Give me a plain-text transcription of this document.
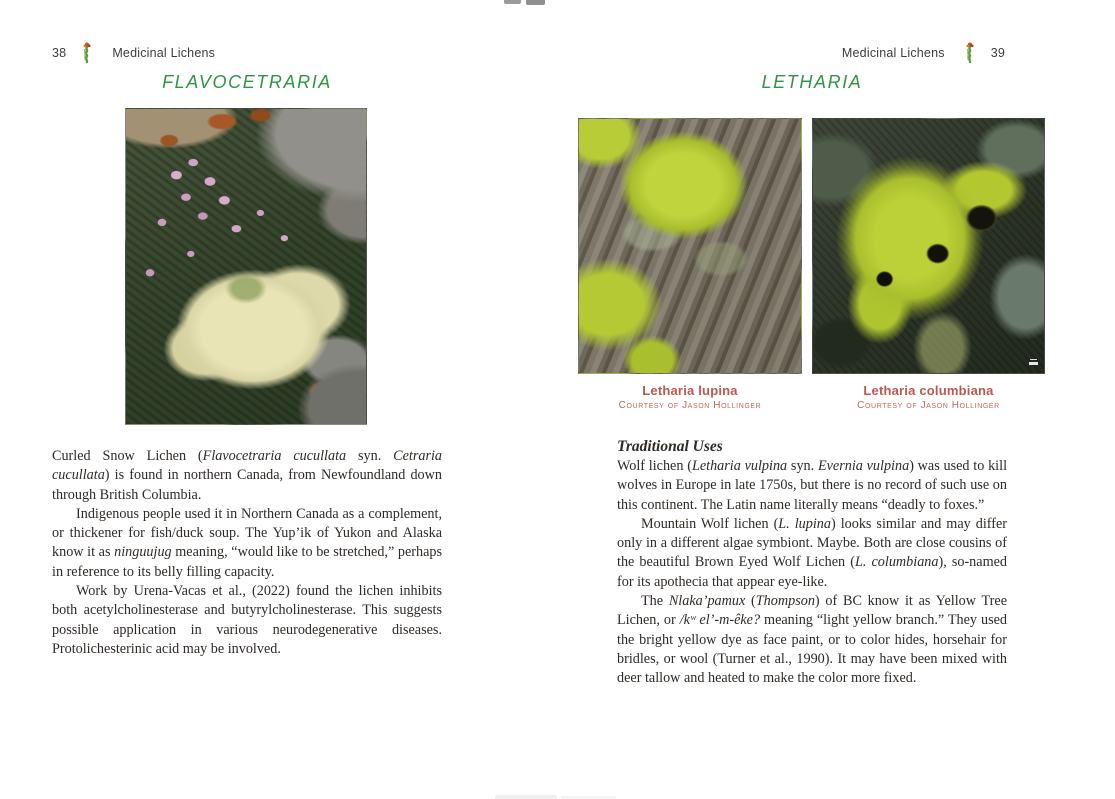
38	Medicinal Lichens
FLAVOCETRARIA

Curled Snow Lichen (Flavocetraria cucullata syn. Cetraria cucullata) is found in northern Canada, from Newfoundland down through British Columbia.

Indigenous people used it in Northern Canada as a complement, or thickener for fish/duck soup. The Yup’ik of Yukon and Alaska know it as ninguujug meaning, “would like to be stretched,” perhaps in reference to its belly filling capacity.

Work by Urena-Vacas et al., (2022) found the lichen inhibits both acetylcholinesterase and butyrylcholinesterase. This suggests possible application in various neurodegenerative diseases. Protolichesterinic acid may be involved.

Medicinal Lichens	39
LETHARIA
Letharia lupina
Courtesy of Jason Hollinger
Letharia columbiana
Courtesy of Jason Hollinger
Traditional Uses

Wolf lichen (Letharia vulpina syn. Evernia vulpina) was used to kill wolves in Europe in late 1750s, but there is no record of such use on this continent. The Latin name literally means “deadly to foxes.”

Mountain Wolf lichen (L. lupina) looks similar and may differ only in a different algae symbiont. Maybe. Both are close cousins of the beautiful Brown Eyed Wolf Lichen (L. columbiana), so-named for its apothecia that appear eye-like.

The Nlaka’pamux (Thompson) of BC know it as Yellow Tree Lichen, or /kʷ el’-m-êke? meaning “light yellow branch.” They used the bright yellow dye as face paint, or to color hides, horsehair for bridles, or wool (Turner et al., 1990). It may have been mixed with deer tallow and heated to make the color more fixed.
